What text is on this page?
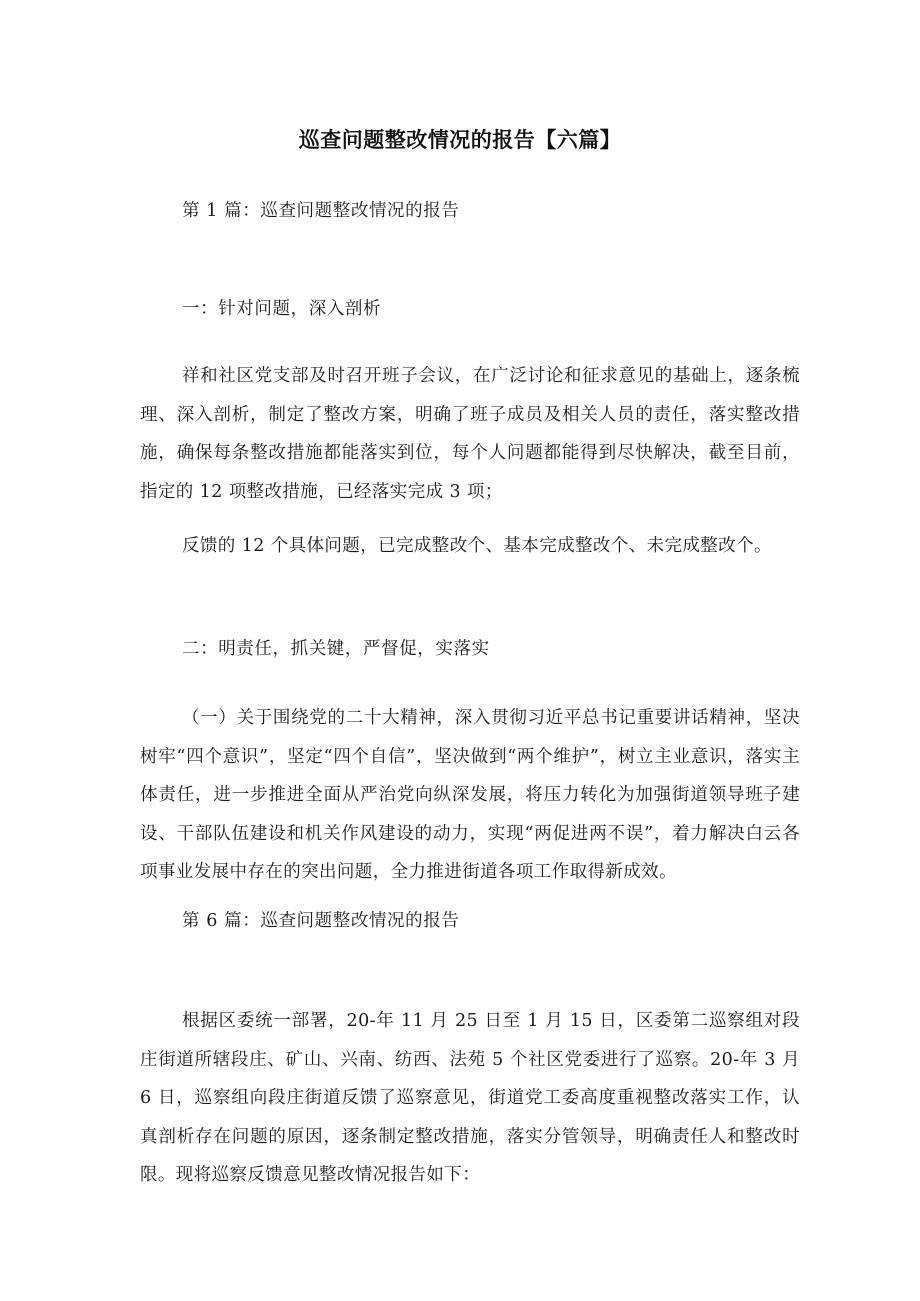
巡查问题整改情况的报告【六篇】
第 1 篇：巡查问题整改情况的报告
一：针对问题，深入剖析
祥和社区党支部及时召开班子会议，在广泛讨论和征求意见的基础上，逐条梳理、深入剖析，制定了整改方案，明确了班子成员及相关人员的责任，落实整改措施，确保每条整改措施都能落实到位，每个人问题都能得到尽快解决，截至目前，指定的 12 项整改措施，已经落实完成 3 项；
反馈的 12 个具体问题，已完成整改个、基本完成整改个、未完成整改个。
二：明责任，抓关键，严督促，实落实
（一）关于围绕党的二十大精神，深入贯彻习近平总书记重要讲话精神，坚决树牢“四个意识”，坚定“四个自信”，坚决做到“两个维护”，树立主业意识，落实主体责任，进一步推进全面从严治党向纵深发展，将压力转化为加强街道领导班子建设、干部队伍建设和机关作风建设的动力，实现“两促进两不误”，着力解决白云各项事业发展中存在的突出问题，全力推进街道各项工作取得新成效。
第 6 篇：巡查问题整改情况的报告
根据区委统一部署，20-年 11 月 25 日至 1 月 15 日，区委第二巡察组对段庄街道所辖段庄、矿山、兴南、纺西、法苑 5 个社区党委进行了巡察。20-年 3 月 6 日，巡察组向段庄街道反馈了巡察意见，街道党工委高度重视整改落实工作，认真剖析存在问题的原因，逐条制定整改措施，落实分管领导，明确责任人和整改时限。现将巡察反馈意见整改情况报告如下：
